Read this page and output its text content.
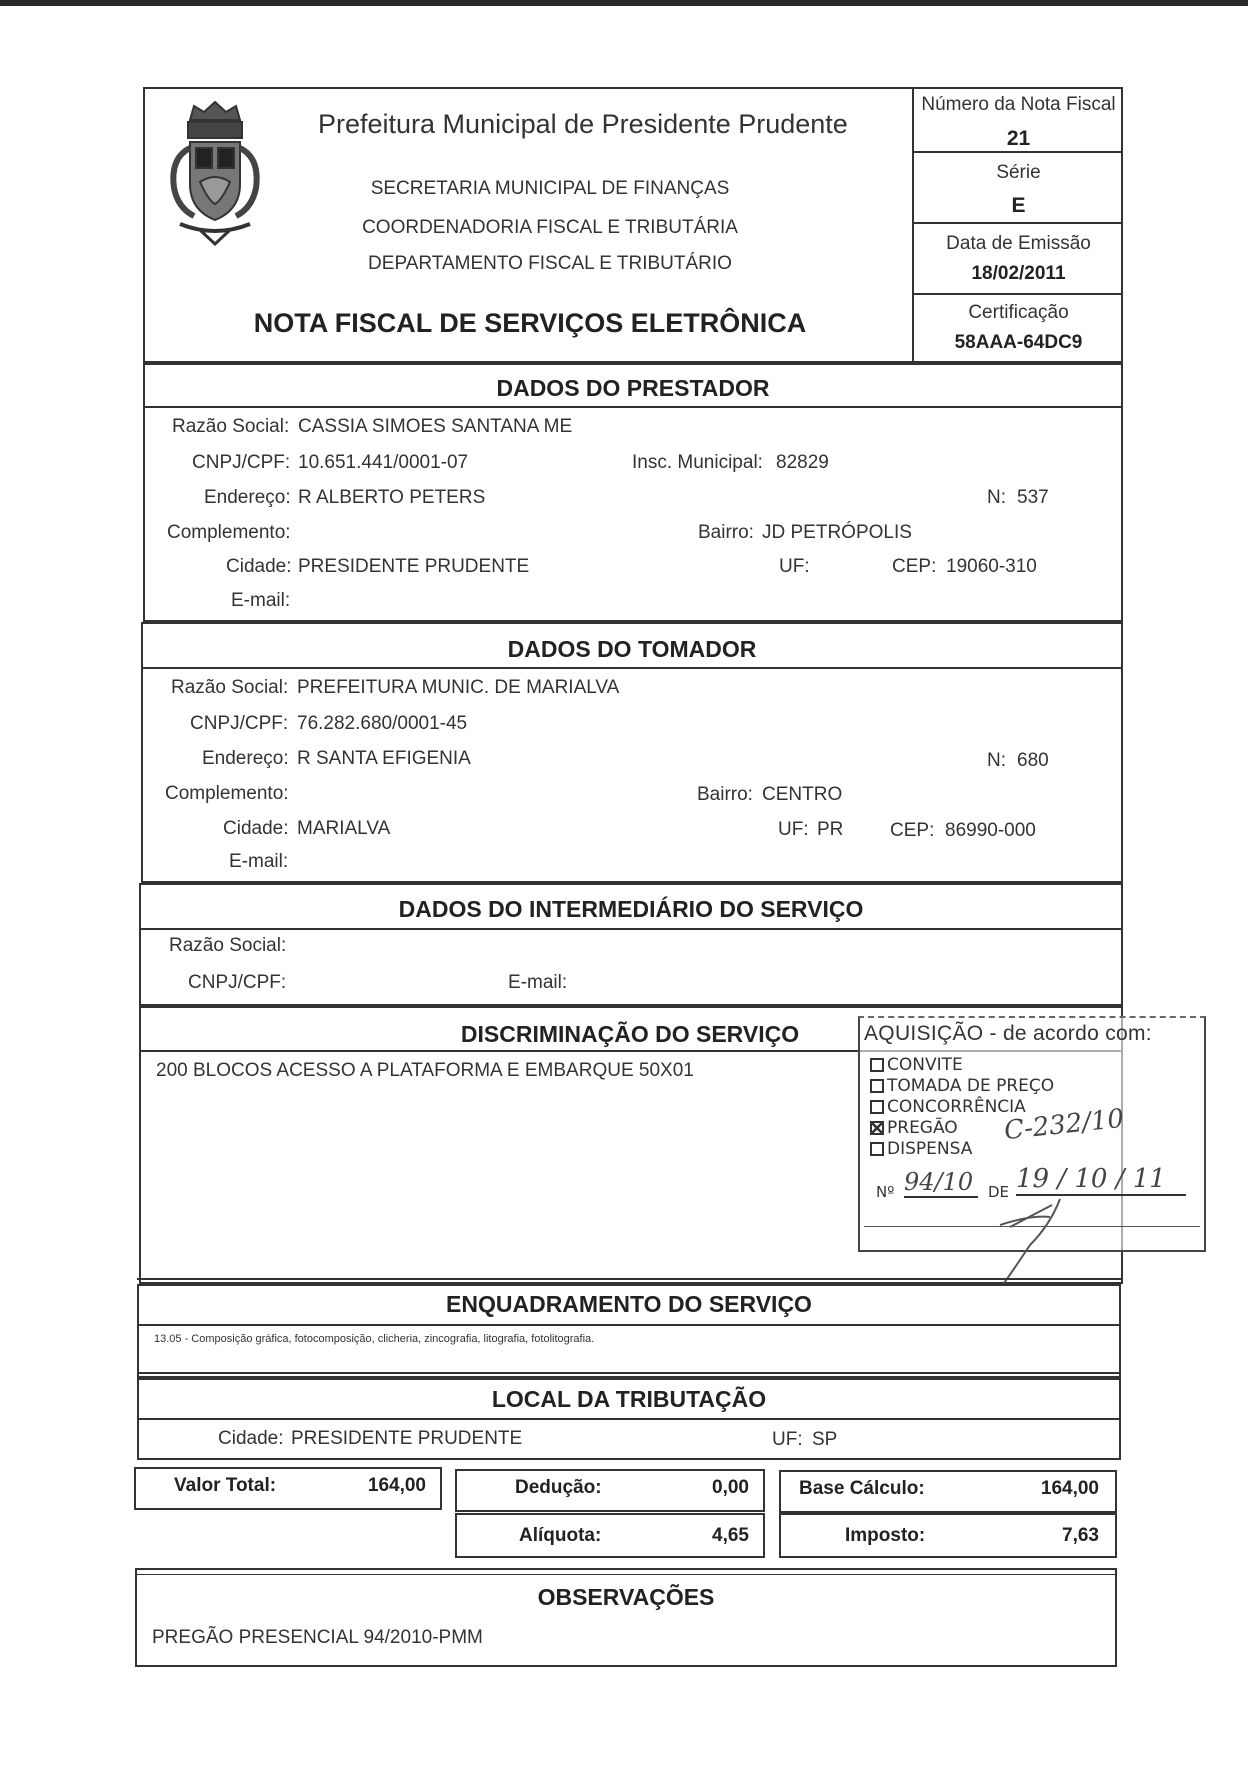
Prefeitura Municipal de Presidente Prudente
SECRETARIA MUNICIPAL DE FINANÇAS
COORDENADORIA FISCAL E TRIBUTÁRIA
DEPARTAMENTO FISCAL E TRIBUTÁRIO
NOTA FISCAL DE SERVIÇOS ELETRÔNICA
Número da Nota Fiscal
21
Série
E
Data de Emissão
18/02/2011
Certificação
58AAA-64DC9
DADOS DO PRESTADOR
Razão Social: CASSIA SIMOES SANTANA ME
CNPJ/CPF: 10.651.441/0001-07	Insc. Municipal: 82829
Endereço: R ALBERTO PETERS	N: 537
Complemento:	Bairro: JD PETRÓPOLIS
Cidade: PRESIDENTE PRUDENTE	UF:	CEP: 19060-310
E-mail:
DADOS DO TOMADOR
Razão Social: PREFEITURA MUNIC. DE MARIALVA
CNPJ/CPF: 76.282.680/0001-45
Endereço: R SANTA EFIGENIA	N: 680
Complemento:	Bairro: CENTRO
Cidade: MARIALVA	UF: PR CEP: 86990-000
E-mail:
DADOS DO INTERMEDIÁRIO DO SERVIÇO
Razão Social:
CNPJ/CPF:	E-mail:
DISCRIMINAÇÃO DO SERVIÇO
200 BLOCOS ACESSO A PLATAFORMA E EMBARQUE 50X01
AQUISIÇÃO - de acordo com:
CONVITE
TOMADA DE PREÇO
CONCORRÊNCIA
PREGÃO
DISPENSA
C-232/10
Nº 94/10 DE 19 / 10 / 11
ENQUADRAMENTO DO SERVIÇO
13.05 - Composição gráfica, fotocomposição, clicheria, zincografia, litografia, fotolitografia.
LOCAL DA TRIBUTAÇÃO
Cidade: PRESIDENTE PRUDENTE	UF: SP
Valor Total:	164,00	Dedução:	0,00	Base Cálculo:	164,00
Alíquota:	4,65	Imposto:	7,63
OBSERVAÇÕES
PREGÃO PRESENCIAL 94/2010-PMM
